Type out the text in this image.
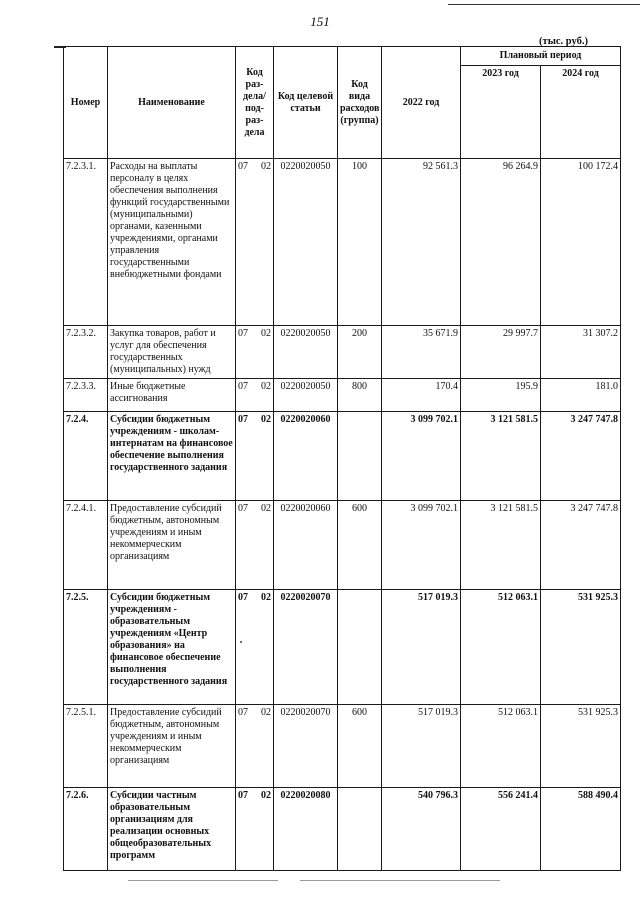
151
(тыс. руб.)
Номер	Наименование	Код раз- дела/ под- раз- дела	Код целевой статьи	Код вида расходов (группа)	2022 год	Плановый период	
						2023 год	2024 год
7.2.3.1.	Расходы на выплаты персоналу в целях обеспечения выполнения функций государственными (муниципальными) органами, казенными учреждениями, органами управления государственными внебюджетными фондами	07 02	0220020050	100	92 561.3	96 264.9	100 172.4
7.2.3.2.	Закупка товаров, работ и услуг для обеспечения государственных (муниципальных) нужд	07 02	0220020050	200	35 671.9	29 997.7	31 307.2
7.2.3.3.	Иные бюджетные ассигнования	07 02	0220020050	800	170.4	195.9	181.0
7.2.4.	Субсидии бюджетным учреждениям - школам-интернатам на финансовое обеспечение выполнения государственного задания	07 02	0220020060		3 099 702.1	3 121 581.5	3 247 747.8
7.2.4.1.	Предоставление субсидий бюджетным, автономным учреждениям и иным некоммерческим организациям	07 02	0220020060	600	3 099 702.1	3 121 581.5	3 247 747.8
7.2.5.	Субсидии бюджетным учреждениям - образовательным учреждениям «Центр образования» на финансовое обеспечение выполнения государственного задания	07 02	0220020070		517 019.3	512 063.1	531 925.3
7.2.5.1.	Предоставление субсидий бюджетным, автономным учреждениям и иным некоммерческим организациям	07 02	0220020070	600	517 019.3	512 063.1	531 925.3
7.2.6.	Субсидии частным образовательным организациям для реализации основных общеобразовательных программ	07 02	0220020080		540 796.3	556 241.4	588 490.4
